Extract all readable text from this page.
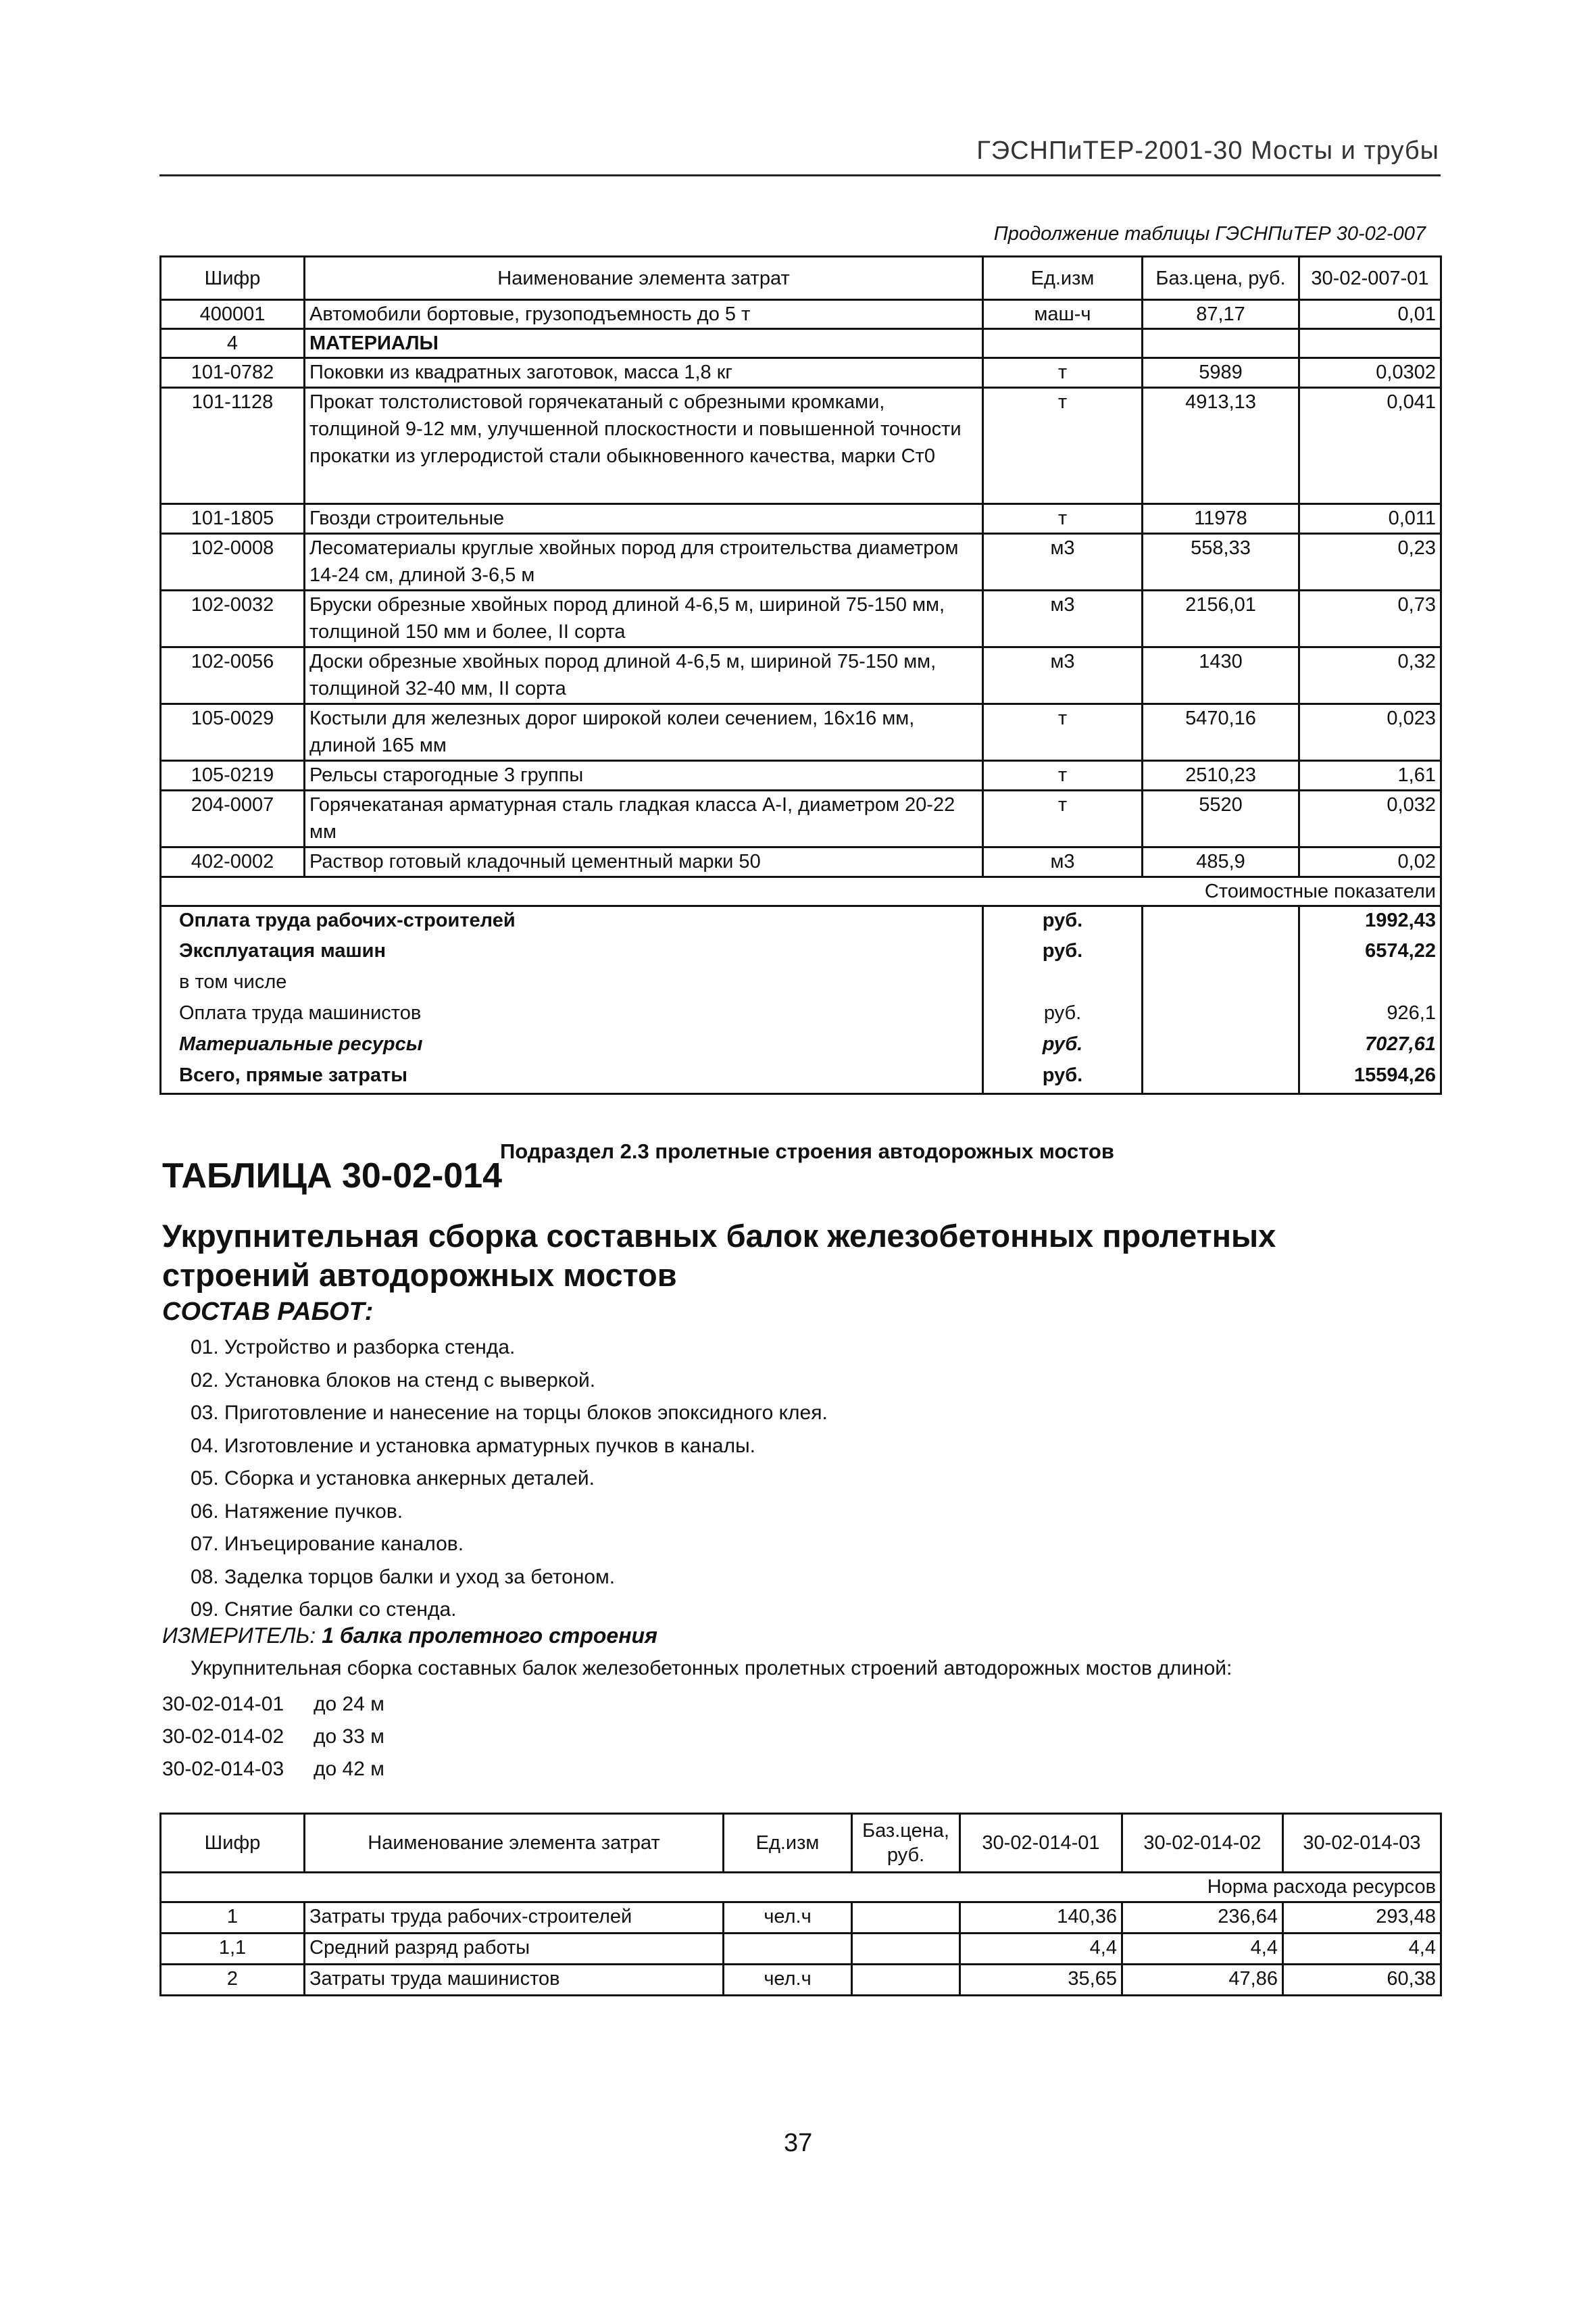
ГЭСНПиТЕР-2001-30 Мосты и трубы
Продолжение таблицы ГЭСНПиТЕР 30-02-007
Шифр	Наименование элемента затрат	Ед.изм	Баз.цена, руб.	30-02-007-01
400001	Автомобили бортовые, грузоподъемность до 5 т	маш-ч	87,17	0,01
4	МАТЕРИАЛЫ			
101-0782	Поковки из квадратных заготовок, масса 1,8 кг	т	5989	0,0302
101-1128	Прокат толстолистовой горячекатаный с обрезными кромками, толщиной 9-12 мм, улучшенной плоскостности и повышенной точности прокатки из углеродистой стали обыкновенного качества, марки Ст0	т	4913,13	0,041
101-1805	Гвозди строительные	т	11978	0,011
102-0008	Лесоматериалы круглые хвойных пород для строительства диаметром 14-24 см, длиной 3-6,5 м	м3	558,33	0,23
102-0032	Бруски обрезные хвойных пород длиной 4-6,5 м, шириной 75-150 мм, толщиной 150 мм и более, II сорта	м3	2156,01	0,73
102-0056	Доски обрезные хвойных пород длиной 4-6,5 м, шириной 75-150 мм, толщиной 32-40 мм, II сорта	м3	1430	0,32
105-0029	Костыли для железных дорог широкой колеи сечением, 16х16 мм, длиной 165 мм	т	5470,16	0,023
105-0219	Рельсы старогодные 3 группы	т	2510,23	1,61
204-0007	Горячекатаная арматурная сталь гладкая класса А-I, диаметром 20-22 мм	т	5520	0,032
402-0002	Раствор готовый кладочный цементный марки 50	м3	485,9	0,02
Стоимостные показатели				
Оплата труда рабочих-строителей		руб.		1992,43
Эксплуатация машин		руб.		6574,22
в том числе				
Оплата труда машинистов		руб.		926,1
Материальные ресурсы		руб.		7027,61
Всего, прямые затраты		руб.		15594,26
Подраздел 2.3 пролетные строения автодорожных мостов
ТАБЛИЦА 30-02-014
Укрупнительная сборка составных балок железобетонных пролетных строений автодорожных мостов
СОСТАВ РАБОТ:
01. Устройство и разборка стенда.
02. Установка блоков на стенд с выверкой.
03. Приготовление и нанесение на торцы блоков эпоксидного клея.
04. Изготовление и установка арматурных пучков в каналы.
05. Сборка и установка анкерных деталей.
06. Натяжение пучков.
07. Инъецирование каналов.
08. Заделка торцов балки и уход за бетоном.
09. Снятие балки со стенда.
ИЗМЕРИТЕЛЬ: 1 балка пролетного строения
Укрупнительная сборка составных балок железобетонных пролетных строений автодорожных мостов длиной:
30-02-014-01 до 24 м
30-02-014-02 до 33 м
30-02-014-03 до 42 м
Шифр	Наименование элемента затрат	Ед.изм	Баз.цена, руб.	30-02-014-01	30-02-014-02	30-02-014-03
Норма расхода ресурсов						
1	Затраты труда рабочих-строителей	чел.ч		140,36	236,64	293,48
1,1	Средний разряд работы			4,4	4,4	4,4
2	Затраты труда машинистов	чел.ч		35,65	47,86	60,38
37
